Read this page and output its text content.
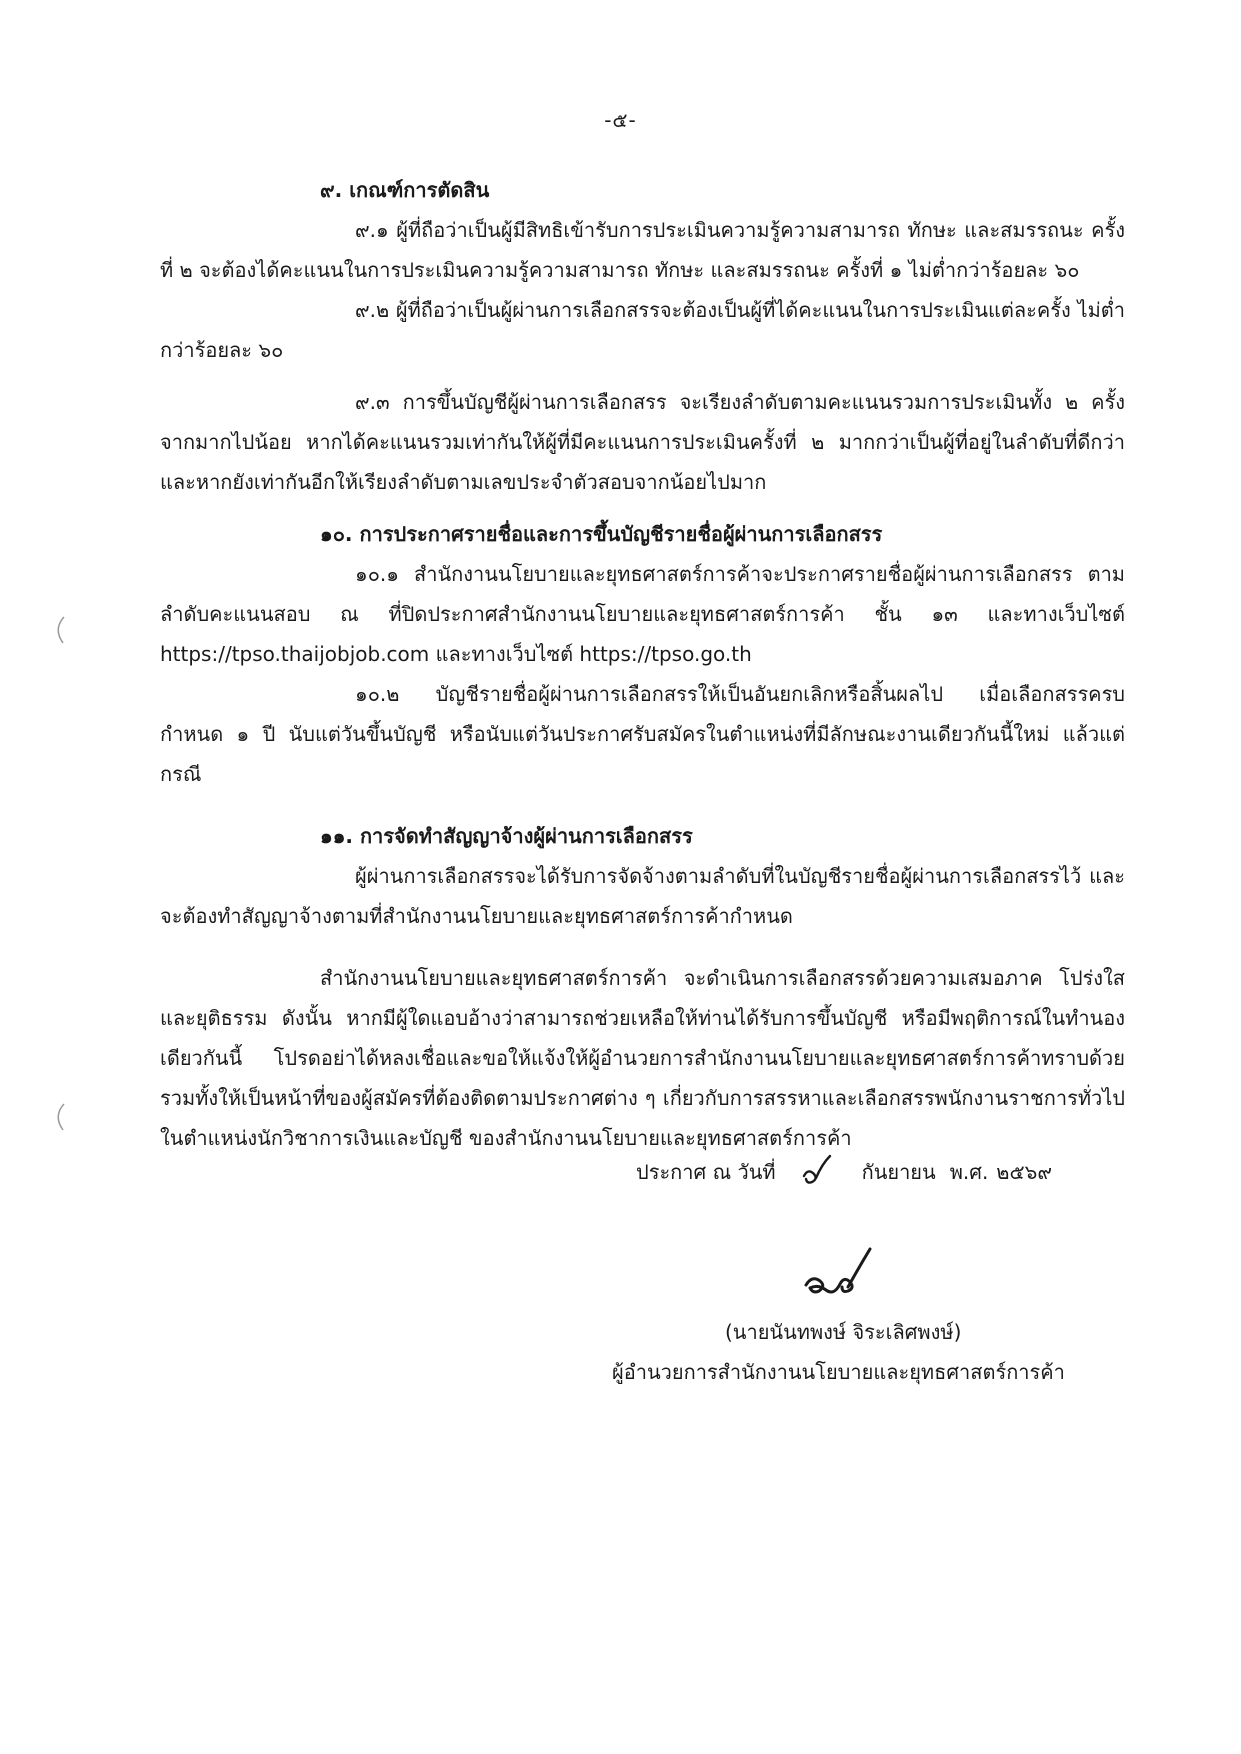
-๕-

๙. เกณฑ์การตัดสิน

๙.๑ ผู้ที่ถือว่าเป็นผู้มีสิทธิเข้ารับการประเมินความรู้ความสามารถ ทักษะ และสมรรถนะ ครั้งที่ ๒ จะต้องได้คะแนนในการประเมินความรู้ความสามารถ ทักษะ และสมรรถนะ ครั้งที่ ๑ ไม่ต่ำกว่าร้อยละ ๖๐

๙.๒ ผู้ที่ถือว่าเป็นผู้ผ่านการเลือกสรรจะต้องเป็นผู้ที่ได้คะแนนในการประเมินแต่ละครั้ง ไม่ต่ำกว่าร้อยละ ๖๐

๙.๓ การขึ้นบัญชีผู้ผ่านการเลือกสรร จะเรียงลำดับตามคะแนนรวมการประเมินทั้ง ๒ ครั้ง จากมากไปน้อย หากได้คะแนนรวมเท่ากันให้ผู้ที่มีคะแนนการประเมินครั้งที่ ๒ มากกว่าเป็นผู้ที่อยู่ในลำดับที่ดีกว่า และหากยังเท่ากันอีกให้เรียงลำดับตามเลขประจำตัวสอบจากน้อยไปมาก

๑๐. การประกาศรายชื่อและการขึ้นบัญชีรายชื่อผู้ผ่านการเลือกสรร

๑๐.๑ สำนักงานนโยบายและยุทธศาสตร์การค้าจะประกาศรายชื่อผู้ผ่านการเลือกสรร ตามลำดับคะแนนสอบ ณ ที่ปิดประกาศสำนักงานนโยบายและยุทธศาสตร์การค้า ชั้น ๑๓ และทางเว็บไซต์ https://tpso.thaijobjob.com และทางเว็บไซต์ https://tpso.go.th

๑๐.๒ บัญชีรายชื่อผู้ผ่านการเลือกสรรให้เป็นอันยกเลิกหรือสิ้นผลไป เมื่อเลือกสรรครบกำหนด ๑ ปี นับแต่วันขึ้นบัญชี หรือนับแต่วันประกาศรับสมัครในตำแหน่งที่มีลักษณะงานเดียวกันนี้ใหม่ แล้วแต่กรณี

๑๑. การจัดทำสัญญาจ้างผู้ผ่านการเลือกสรร

ผู้ผ่านการเลือกสรรจะได้รับการจัดจ้างตามลำดับที่ในบัญชีรายชื่อผู้ผ่านการเลือกสรรไว้ และจะต้องทำสัญญาจ้างตามที่สำนักงานนโยบายและยุทธศาสตร์การค้ากำหนด

สำนักงานนโยบายและยุทธศาสตร์การค้า จะดำเนินการเลือกสรรด้วยความเสมอภาค โปร่งใส และยุติธรรม ดังนั้น หากมีผู้ใดแอบอ้างว่าสามารถช่วยเหลือให้ท่านได้รับการขึ้นบัญชี หรือมีพฤติการณ์ในทำนองเดียวกันนี้ โปรดอย่าได้หลงเชื่อและขอให้แจ้งให้ผู้อำนวยการสำนักงานนโยบายและยุทธศาสตร์การค้าทราบด้วย รวมทั้งให้เป็นหน้าที่ของผู้สมัครที่ต้องติดตามประกาศต่าง ๆ เกี่ยวกับการสรรหาและเลือกสรรพนักงานราชการทั่วไป ในตำแหน่งนักวิชาการเงินและบัญชี ของสำนักงานนโยบายและยุทธศาสตร์การค้า

ประกาศ ณ วันที่	กันยายน พ.ศ. ๒๕๖๙
(นายนันทพงษ์ จิระเลิศพงษ์)
ผู้อำนวยการสำนักงานนโยบายและยุทธศาสตร์การค้า
